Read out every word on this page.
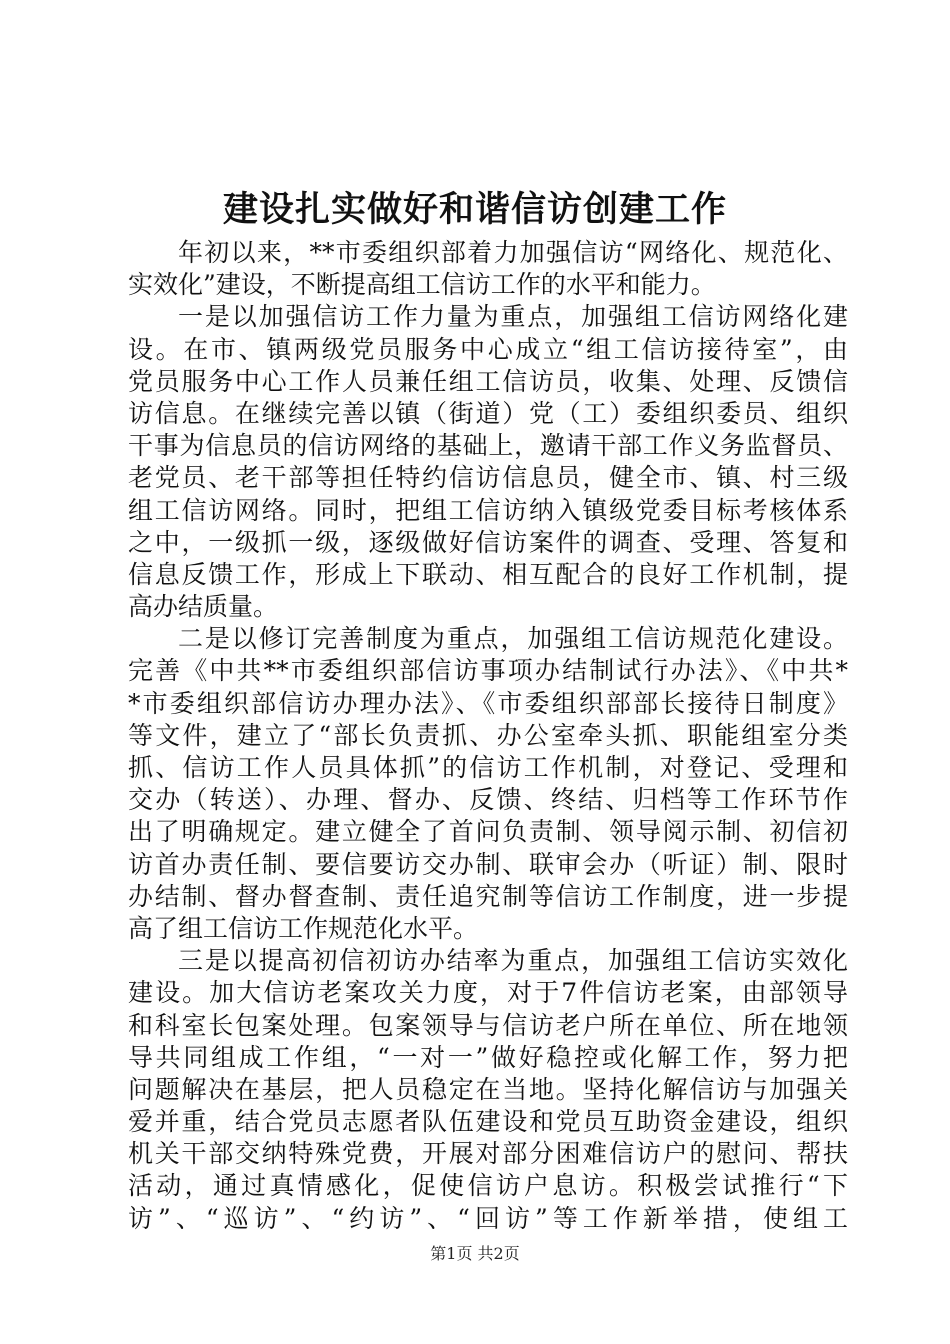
建设扎实做好和谐信访创建工作
年初以来，**市委组织部着力加强信访“网络化、规范化、
实效化”建设，不断提高组工信访工作的水平和能力。
一是以加强信访工作力量为重点，加强组工信访网络化建
设。在市、镇两级党员服务中心成立“组工信访接待室”，由
党员服务中心工作人员兼任组工信访员，收集、处理、反馈信
访信息。在继续完善以镇（街道）党（工）委组织委员、组织
干事为信息员的信访网络的基础上，邀请干部工作义务监督员、
老党员、老干部等担任特约信访信息员，健全市、镇、村三级
组工信访网络。同时，把组工信访纳入镇级党委目标考核体系
之中，一级抓一级，逐级做好信访案件的调查、受理、答复和
信息反馈工作，形成上下联动、相互配合的良好工作机制，提
高办结质量。
二是以修订完善制度为重点，加强组工信访规范化建设。
完善《中共**市委组织部信访事项办结制试行办法》、《中共*
*市委组织部信访办理办法》、《市委组织部部长接待日制度》
等文件，建立了“部长负责抓、办公室牵头抓、职能组室分类
抓、信访工作人员具体抓”的信访工作机制，对登记、受理和
交办（转送）、办理、督办、反馈、终结、归档等工作环节作
出了明确规定。建立健全了首问负责制、领导阅示制、初信初
访首办责任制、要信要访交办制、联审会办（听证）制、限时
办结制、督办督查制、责任追究制等信访工作制度，进一步提
高了组工信访工作规范化水平。
三是以提高初信初访办结率为重点，加强组工信访实效化
建设。加大信访老案攻关力度，对于7件信访老案，由部领导
和科室长包案处理。包案领导与信访老户所在单位、所在地领
导共同组成工作组，“一对一”做好稳控或化解工作，努力把
问题解决在基层，把人员稳定在当地。坚持化解信访与加强关
爱并重，结合党员志愿者队伍建设和党员互助资金建设，组织
机关干部交纳特殊党费，开展对部分困难信访户的慰问、帮扶
活动，通过真情感化，促使信访户息访。积极尝试推行“下
访”、“巡访”、“约访”、“回访”等工作新举措，使组工
第1页 共2页
